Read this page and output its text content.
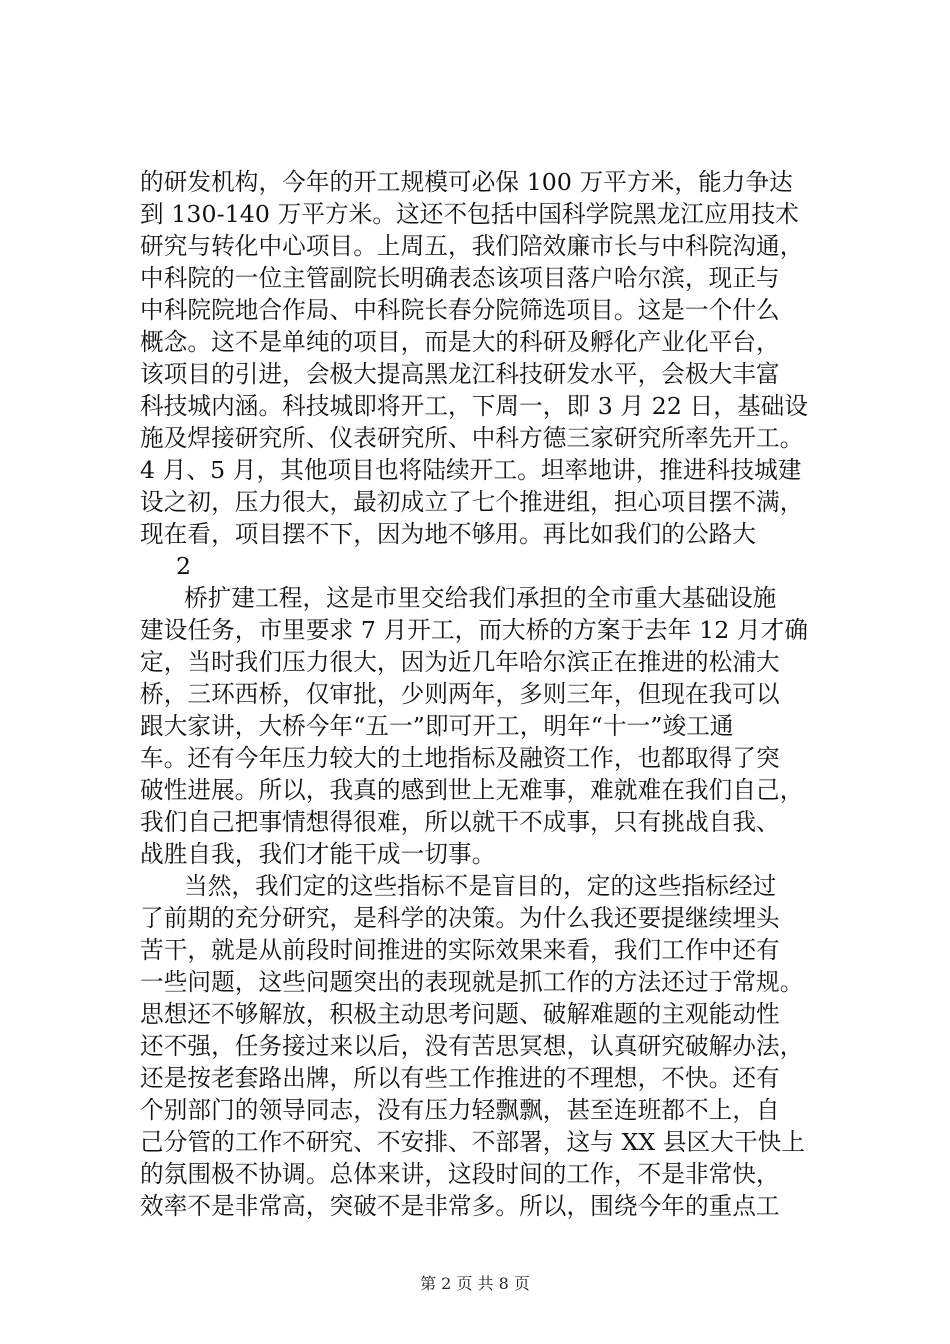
的研发机构，今年的开工规模可必保 100 万平方米，能力争达
到 130-140 万平方米。这还不包括中国科学院黑龙江应用技术
研究与转化中心项目。上周五，我们陪效廉市长与中科院沟通，
中科院的一位主管副院长明确表态该项目落户哈尔滨，现正与
中科院院地合作局、中科院长春分院筛选项目。这是一个什么
概念。这不是单纯的项目，而是大的科研及孵化产业化平台，
该项目的引进，会极大提高黑龙江科技研发水平，会极大丰富
科技城内涵。科技城即将开工，下周一，即 3 月 22 日，基础设
施及焊接研究所、仪表研究所、中科方德三家研究所率先开工。
4 月、5 月，其他项目也将陆续开工。坦率地讲，推进科技城建
设之初，压力很大，最初成立了七个推进组，担心项目摆不满，
现在看，项目摆不下，因为地不够用。再比如我们的公路大
2
桥扩建工程，这是市里交给我们承担的全市重大基础设施
建设任务，市里要求 7 月开工，而大桥的方案于去年 12 月才确
定，当时我们压力很大，因为近几年哈尔滨正在推进的松浦大
桥，三环西桥，仅审批，少则两年，多则三年，但现在我可以
跟大家讲，大桥今年“五一”即可开工，明年“十一”竣工通
车。还有今年压力较大的土地指标及融资工作，也都取得了突
破性进展。所以，我真的感到世上无难事，难就难在我们自己，
我们自己把事情想得很难，所以就干不成事，只有挑战自我、
战胜自我，我们才能干成一切事。
当然，我们定的这些指标不是盲目的，定的这些指标经过
了前期的充分研究，是科学的决策。为什么我还要提继续埋头
苦干，就是从前段时间推进的实际效果来看，我们工作中还有
一些问题，这些问题突出的表现就是抓工作的方法还过于常规。
思想还不够解放，积极主动思考问题、破解难题的主观能动性
还不强，任务接过来以后，没有苦思冥想，认真研究破解办法，
还是按老套路出牌，所以有些工作推进的不理想，不快。还有
个别部门的领导同志，没有压力轻飘飘，甚至连班都不上，自
己分管的工作不研究、不安排、不部署，这与 XX 县区大干快上
的氛围极不协调。总体来讲，这段时间的工作，不是非常快，
效率不是非常高，突破不是非常多。所以，围绕今年的重点工
第 2 页 共 8 页
